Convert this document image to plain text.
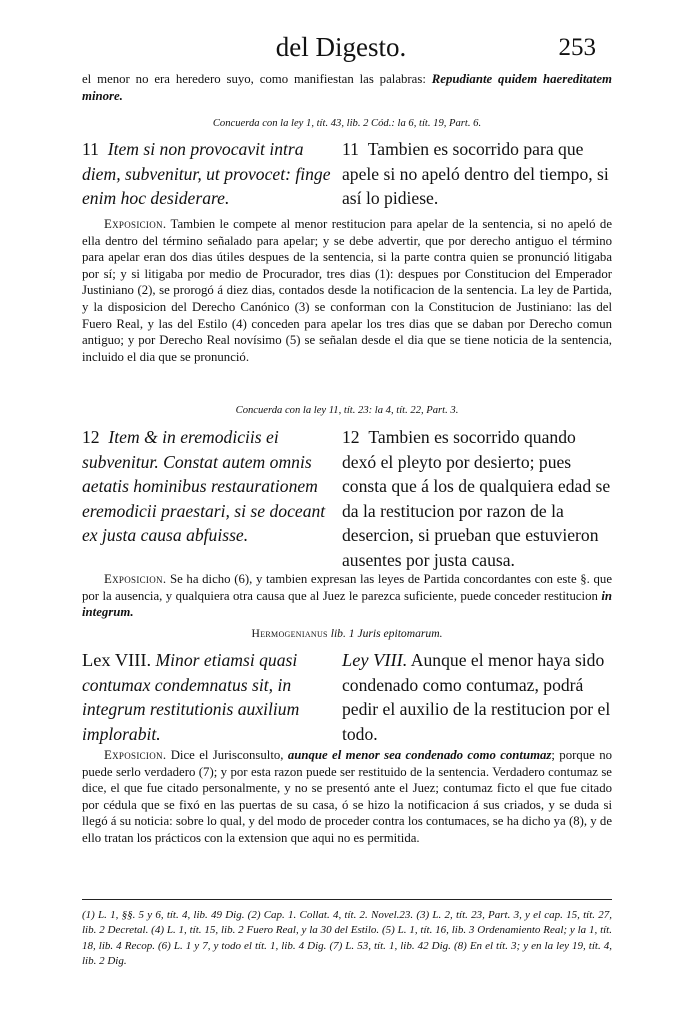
del Digesto.	253
el menor no era heredero suyo, como manifiestan las palabras: Repudiante quidem haereditatem minore.
Concuerda con la ley 1, tít. 43, lib. 2 Cód.: la 6, tít. 19, Part. 6.
11 Item si non provocavit intra diem, subvenitur, ut provocet: finge enim hoc desiderare.
11 Tambien es socorrido para que apele si no apeló dentro del tiempo, si así lo pidiese.
Exposicion. Tambien le compete al menor restitucion para apelar de la sentencia, si no apeló de ella dentro del término señalado para apelar; y se debe advertir, que por derecho antiguo el término para apelar eran dos dias útiles despues de la sentencia, si la parte contra quien se pronunció litigaba por sí; y si litigaba por medio de Procurador, tres dias (1): despues por Constitucion del Emperador Justiniano (2), se prorogó á diez dias, contados desde la notificacion de la sentencia. La ley de Partida, y la disposicion del Derecho Canónico (3) se conforman con la Constitucion de Justiniano: las del Fuero Real, y las del Estilo (4) conceden para apelar los tres dias que se daban por Derecho comun antiguo; y por Derecho Real novísimo (5) se señalan desde el dia que se tiene noticia de la sentencia, incluido el dia que se pronunció.
Concuerda con la ley 11, tít. 23: la 4, tít. 22, Part. 3.
12 Item & in eremodiciis ei subvenitur. Constat autem omnis aetatis hominibus restaurationem eremodicii praestari, si se doceant ex justa causa abfuisse.
12 Tambien es socorrido quando dexó el pleyto por desierto; pues consta que á los de qualquiera edad se da la restitucion por razon de la desercion, si prueban que estuvieron ausentes por justa causa.
Exposicion. Se ha dicho (6), y tambien expresan las leyes de Partida concordantes con este §. que por la ausencia, y qualquiera otra causa que al Juez le parezca suficiente, puede conceder restitucion in integrum.
Hermogenianus lib. 1 Juris epitomarum.
Lex VIII. Minor etiamsi quasi contumax condemnatus sit, in integrum restitutionis auxilium implorabit.
Ley VIII. Aunque el menor haya sido condenado como contumaz, podrá pedir el auxilio de la restitucion por el todo.
Exposicion. Dice el Jurisconsulto, aunque el menor sea condenado como contumaz; porque no puede serlo verdadero (7); y por esta razon puede ser restituido de la sentencia. Verdadero contumaz se dice, el que fue citado personalmente, y no se presentó ante el Juez; contumaz ficto el que fue citado por cédula que se fixó en las puertas de su casa, ó se hizo la notificacion á sus criados, y se duda si llegó á su noticia: sobre lo qual, y del modo de proceder contra los contumaces, se ha dicho ya (8), y de ello tratan los prácticos con la extension que aqui no es permitida.
(1) L. 1, §§. 5 y 6, tít. 4, lib. 49 Dig. (2) Cap. 1. Collat. 4, tít. 2. Novel.23. (3) L. 2, tít. 23, Part. 3, y el cap. 15, tít. 27, lib. 2 Decretal. (4) L. 1, tít. 15, lib. 2 Fuero Real, y la 30 del Estilo. (5) L. 1, tít. 16, lib. 3 Ordenamiento Real; y la 1, tít. 18, lib. 4 Recop. (6) L. 1 y 7, y todo el tít. 1, lib. 4 Dig. (7) L. 53, tít. 1, lib. 42 Dig. (8) En el tít. 3; y en la ley 19, tít. 4, lib. 2 Dig.
